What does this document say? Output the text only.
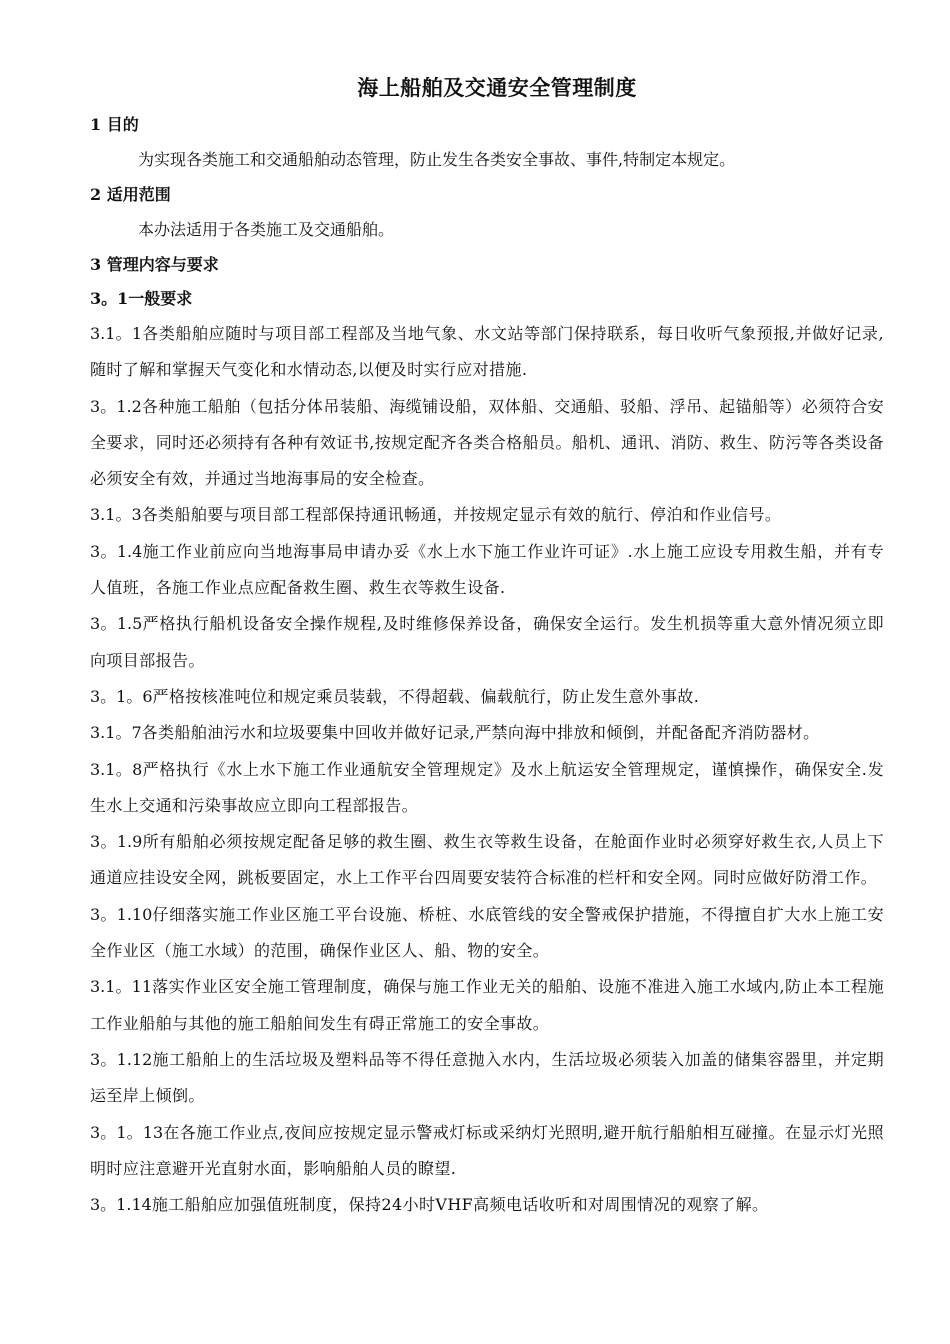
海上船舶及交通安全管理制度

1 目的

为实现各类施工和交通船舶动态管理，防止发生各类安全事故、事件,特制定本规定。

2 适用范围

本办法适用于各类施工及交通船舶。

3 管理内容与要求

3。1一般要求

3.1。1各类船舶应随时与项目部工程部及当地气象、水文站等部门保持联系，每日收听气象预报,并做好记录,随时了解和掌握天气变化和水情动态,以便及时实行应对措施.

3。1.2各种施工船舶（包括分体吊装船、海缆铺设船，双体船、交通船、驳船、浮吊、起锚船等）必须符合安全要求，同时还必须持有各种有效证书,按规定配齐各类合格船员。船机、通讯、消防、救生、防污等各类设备必须安全有效，并通过当地海事局的安全检查。

3.1。3各类船舶要与项目部工程部保持通讯畅通，并按规定显示有效的航行、停泊和作业信号。

3。1.4施工作业前应向当地海事局申请办妥《水上水下施工作业许可证》.水上施工应设专用救生船，并有专人值班，各施工作业点应配备救生圈、救生衣等救生设备.

3。1.5严格执行船机设备安全操作规程,及时维修保养设备，确保安全运行。发生机损等重大意外情况须立即向项目部报告。

3。1。6严格按核准吨位和规定乘员装载，不得超载、偏载航行，防止发生意外事故.

3.1。7各类船舶油污水和垃圾要集中回收并做好记录,严禁向海中排放和倾倒，并配备配齐消防器材。

3.1。8严格执行《水上水下施工作业通航安全管理规定》及水上航运安全管理规定，谨慎操作，确保安全.发生水上交通和污染事故应立即向工程部报告。

3。1.9所有船舶必须按规定配备足够的救生圈、救生衣等救生设备，在舱面作业时必须穿好救生衣,人员上下通道应挂设安全网，跳板要固定，水上工作平台四周要安装符合标准的栏杆和安全网。同时应做好防滑工作。

3。1.10仔细落实施工作业区施工平台设施、桥桩、水底管线的安全警戒保护措施，不得擅自扩大水上施工安全作业区（施工水域）的范围，确保作业区人、船、物的安全。

3.1。11落实作业区安全施工管理制度，确保与施工作业无关的船舶、设施不准进入施工水域内,防止本工程施工作业船舶与其他的施工船舶间发生有碍正常施工的安全事故。

3。1.12施工船舶上的生活垃圾及塑料品等不得任意抛入水内，生活垃圾必须装入加盖的储集容器里，并定期运至岸上倾倒。

3。1。13在各施工作业点,夜间应按规定显示警戒灯标或采纳灯光照明,避开航行船舶相互碰撞。在显示灯光照明时应注意避开光直射水面，影响船舶人员的瞭望.

3。1.14施工船舶应加强值班制度，保持24小时VHF高频电话收听和对周围情况的观察了解。
